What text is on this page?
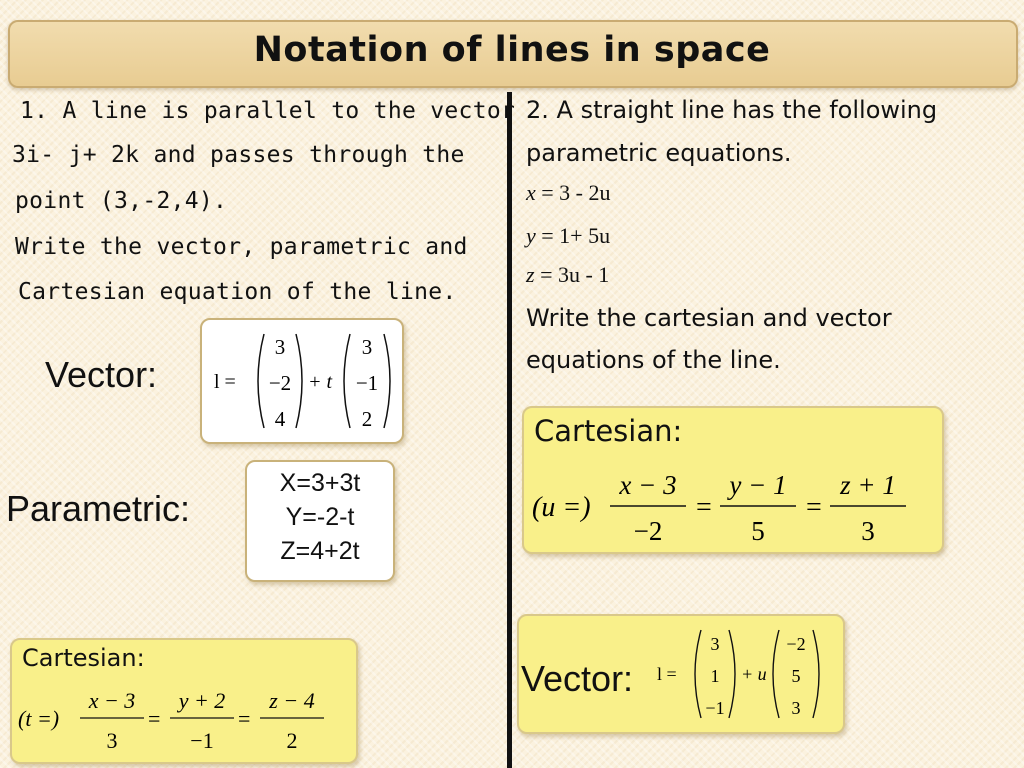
Notation of lines in space
1. A line is parallel to the vector
3i- j+ 2k and passes through the
point (3,-2,4).
Write the vector, parametric and
Cartesian equation of the line.
Vector:	l =
3
−2
4
+ t
3
−1
2
Parametric:
X=3+3t
Y=-2-t
Z=4+2t
Cartesian:
(t =)
x − 3
3
=
y + 2
−1
=
z − 4
2
2. A straight line has the following
parametric equations.
x = 3 - 2u
y = 1+ 5u
z = 3u - 1
Write the cartesian and vector
equations of the line.
Cartesian:
(u =)
x − 3
−2
=
y − 1
5
=
z + 1
3
Vector: l =
3
1
−1
+ u
−2
5
3
